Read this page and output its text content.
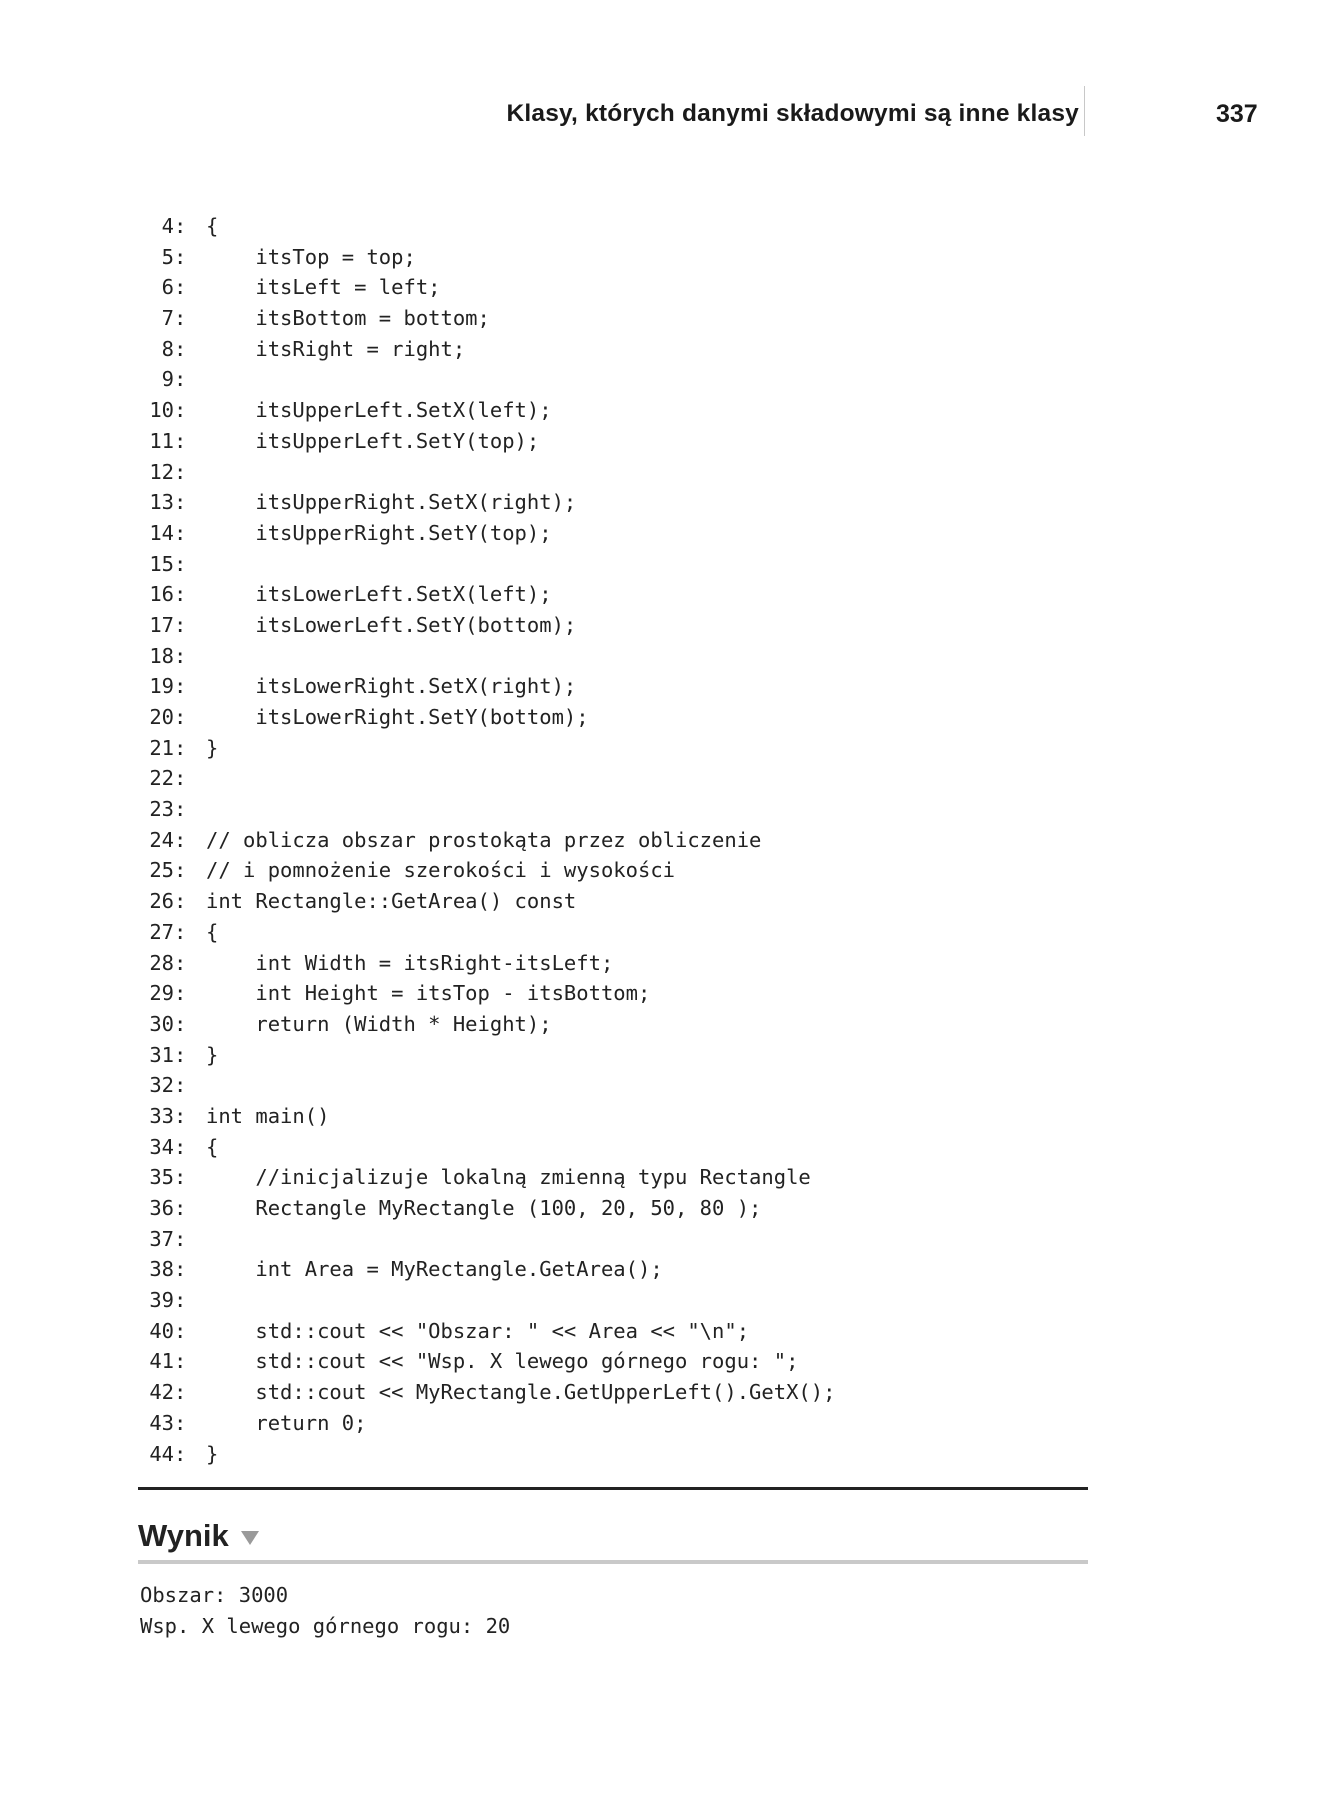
Klasy, których danymi składowymi są inne klasy	337
4 : {
5 : itsTop = top;
6 : itsLeft = left;
7 : itsBottom = bottom;
8 : itsRight = right;
9 :
10 : itsUpperLeft.SetX(left);
11 : itsUpperLeft.SetY(top);
12 :
13 : itsUpperRight.SetX(right);
14 : itsUpperRight.SetY(top);
15 :
16 : itsLowerLeft.SetX(left);
17 : itsLowerLeft.SetY(bottom);
18 :
19 : itsLowerRight.SetX(right);
20 : itsLowerRight.SetY(bottom);
21 : }
22 :
23 :
24 : // oblicza obszar prostokąta przez obliczenie
25 : // i pomnożenie szerokości i wysokości
26 : int Rectangle::GetArea() const
27 : {
28 : int Width = itsRight-itsLeft;
29 : int Height = itsTop - itsBottom;
30 : return (Width * Height);
31 : }
32 :
33 : int main()
34 : {
35 : //inicjalizuje lokalną zmienną typu Rectangle
36 : Rectangle MyRectangle (100, 20, 50, 80 );
37 :
38 : int Area = MyRectangle.GetArea();
39 :
40 : std::cout << "Obszar: " << Area << "\n";
41 : std::cout << "Wsp. X lewego górnego rogu: ";
42 : std::cout << MyRectangle.GetUpperLeft().GetX();
43 : return 0;
44 : }
Wynik
Obszar: 3000
Wsp. X lewego górnego rogu: 20
